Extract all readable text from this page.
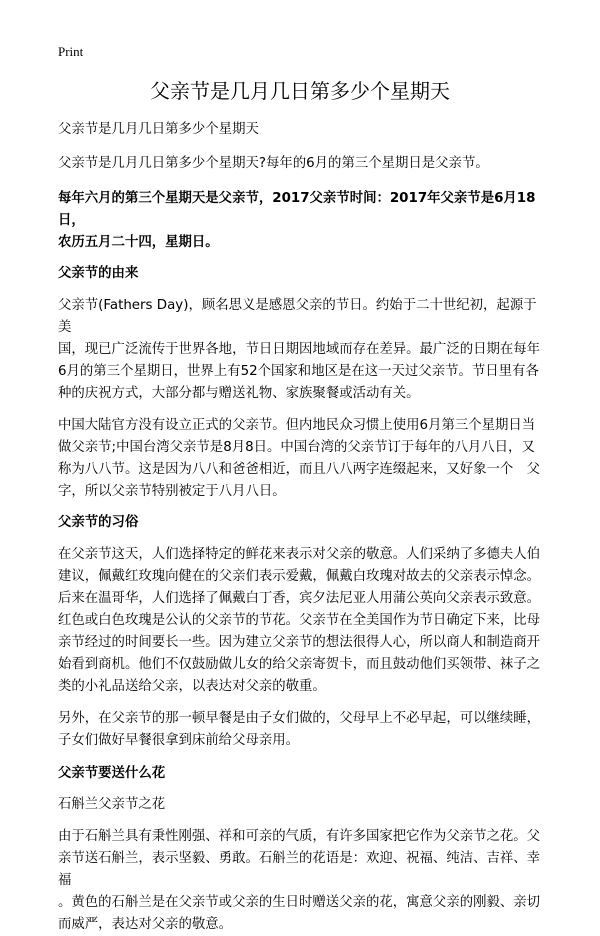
Print
父亲节是几月几日第多少个星期天

父亲节是几月几日第多少个星期天

父亲节是几月几日第多少个星期天?每年的6月的第三个星期日是父亲节。

每年六月的第三个星期天是父亲节，2017父亲节时间：2017年父亲节是6月18日，

农历五月二十四，星期日。

父亲节的由来

父亲节(Fathers Day)，顾名思义是感恩父亲的节日。约始于二十世纪初，起源于美

国，现已广泛流传于世界各地，节日日期因地域而存在差异。最广泛的日期在每年

6月的第三个星期日，世界上有52个国家和地区是在这一天过父亲节。节日里有各

种的庆祝方式，大部分都与赠送礼物、家族聚餐或活动有关。

中国大陆官方没有设立正式的父亲节。但内地民众习惯上使用6月第三个星期日当

做父亲节;中国台湾父亲节是8月8日。中国台湾的父亲节订于每年的八月八日，又

称为八八节。这是因为八八和爸爸相近，而且八八两字连缀起来，又好象一个　父

字，所以父亲节特别被定于八月八日。

父亲节的习俗

在父亲节这天，人们选择特定的鲜花来表示对父亲的敬意。人们采纳了多德夫人伯

建议，佩戴红玫瑰向健在的父亲们表示爱戴，佩戴白玫瑰对故去的父亲表示悼念。

后来在温哥华，人们选择了佩戴白丁香，宾夕法尼亚人用蒲公英向父亲表示致意。

红色或白色玫瑰是公认的父亲节的节花。父亲节在全美国作为节日确定下来，比母

亲节经过的时间要长一些。因为建立父亲节的想法很得人心，所以商人和制造商开

始看到商机。他们不仅鼓励做儿女的给父亲寄贺卡，而且鼓动他们买领带、袜子之

类的小礼品送给父亲，以表达对父亲的敬重。

另外，在父亲节的那一顿早餐是由子女们做的，父母早上不必早起，可以继续睡，

子女们做好早餐很拿到床前给父母亲用。

父亲节要送什么花

石斛兰父亲节之花

由于石斛兰具有秉性刚强、祥和可亲的气质，有许多国家把它作为父亲节之花。父

亲节送石斛兰，表示坚毅、勇敢。石斛兰的花语是：欢迎、祝福、纯洁、吉祥、幸福

。黄色的石斛兰是在父亲节或父亲的生日时赠送父亲的花，寓意父亲的刚毅、亲切

而威严，表达对父亲的敬意。
